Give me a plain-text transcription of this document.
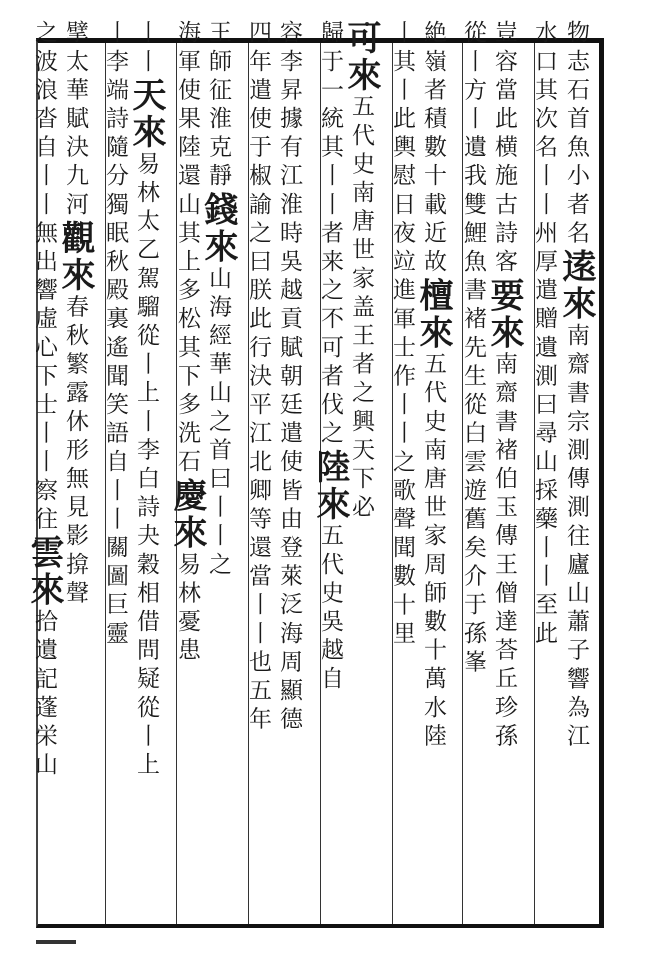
物志石首魚小者名逺來南齋書宗測傳測往廬山蕭子響為江
水口其次名丨丨州厚遣贈遺測曰尋山採藥丨丨至此
豈容當此横施古詩客要來南齋書褚伯玉傳王僧達荅丘珍孫
從丨方丨遺我雙鯉魚書褚先生從白雲遊舊矣介于孫峯
絶嶺者積數十載近故檀來五代史南唐世家周師數十萬水陸
丨其丨此輿慰日夜竝進軍士作丨丨之歌聲聞數十里
可來五代史南唐世家盖王者之興天下必
歸于一統其丨丨者来之不可者伐之陸來五代史吳越自
容李昇據有江淮時吳越貢賦朝廷遣使皆由登萊泛海周顯德
四年遣使于椒諭之曰朕此行決平江北卿等還當丨丨也五年
王師征淮克靜錢來山海經華山之首曰丨丨之
海軍使果陸還山其上多松其下多洗石慶來易林憂患
丨丨天來易林太乙駕騮從丨上丨李白詩夬穀相借問疑從丨上
丨李端詩隨分獨眠秋殿裏遙聞笑語自丨丨關圖巨靈
擘太華賦決九河觀來春秋繁露休形無見影揜聲
之波浪沓自丨丨無出響虛心下士丨丨察往雲來拾遺記蓬栄山
